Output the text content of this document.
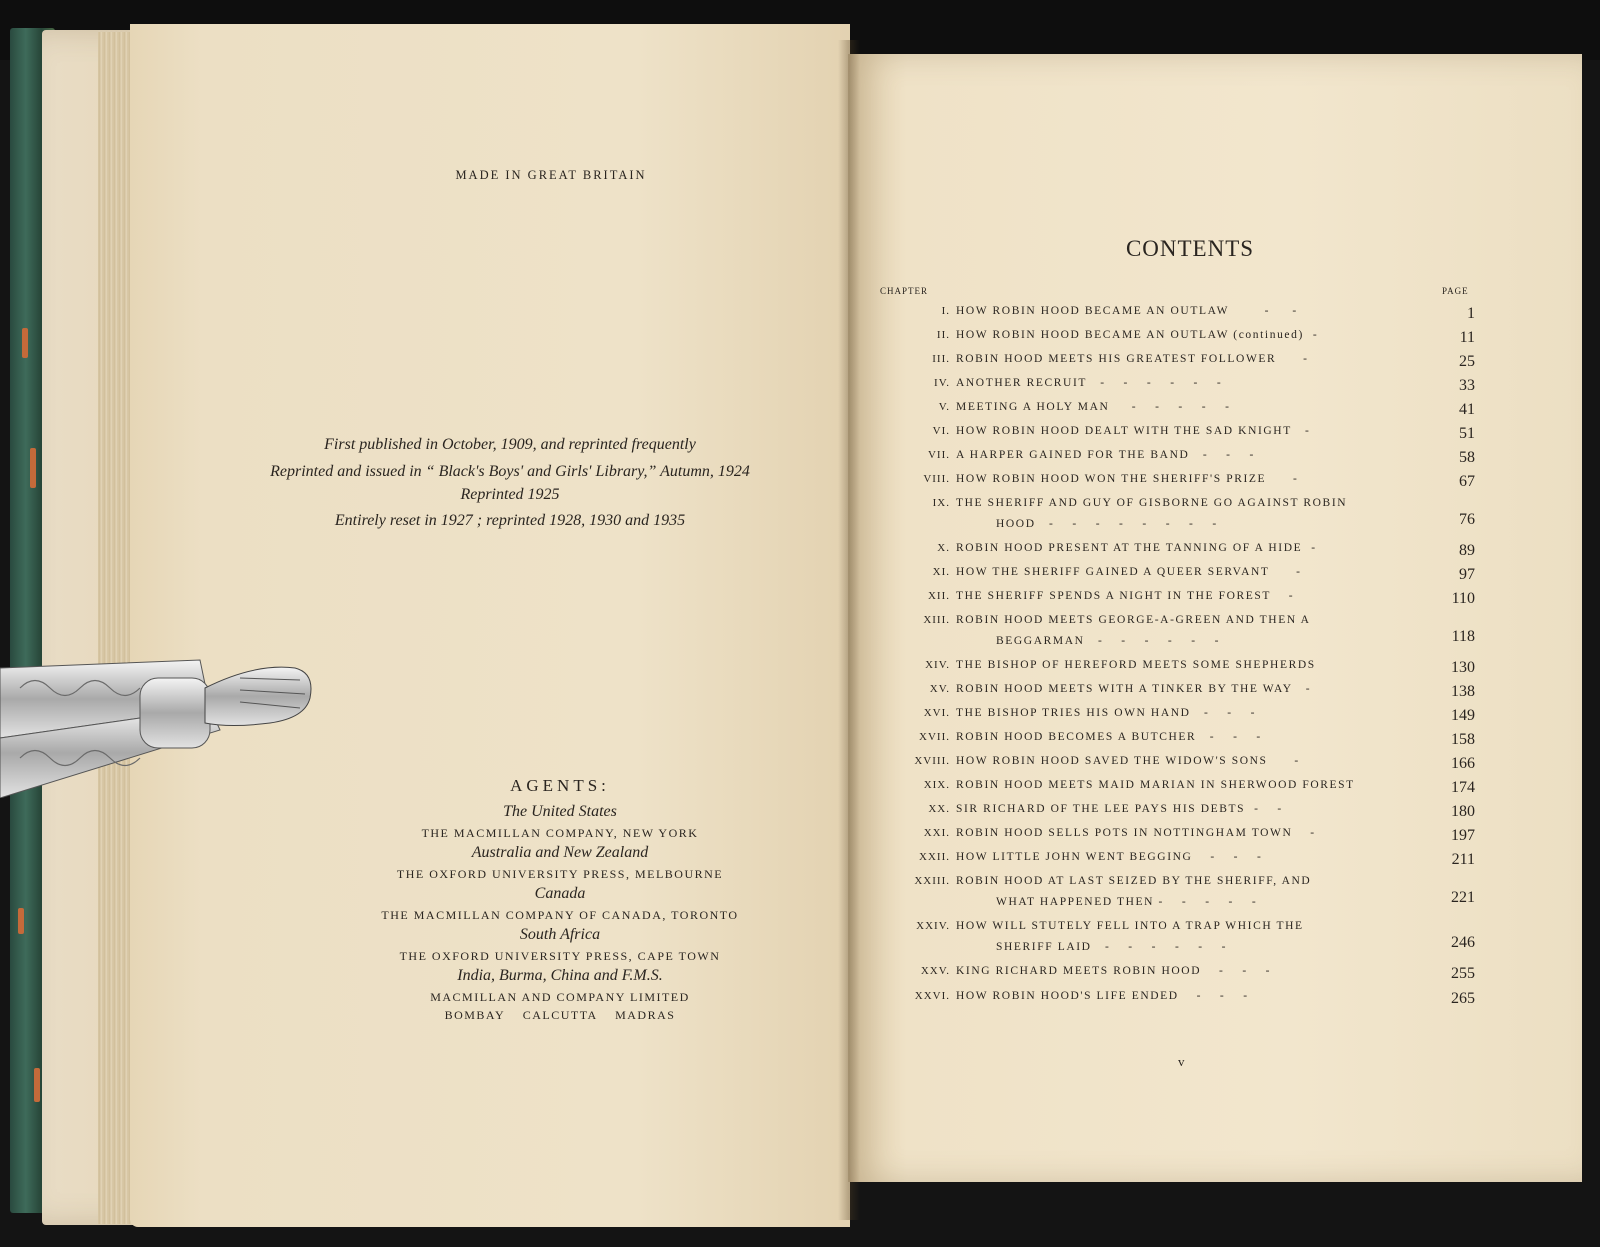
MADE IN GREAT BRITAIN
First published in October, 1909, and reprinted frequently
Reprinted and issued in “ Black's Boys' and Girls' Library,” Autumn, 1924
Reprinted 1925
Entirely reset in 1927 ; reprinted 1928, 1930 and 1935
AGENTS:
The United States
THE MACMILLAN COMPANY, NEW YORK
Australia and New Zealand
THE OXFORD UNIVERSITY PRESS, MELBOURNE
Canada
THE MACMILLAN COMPANY OF CANADA, TORONTO
South Africa
THE OXFORD UNIVERSITY PRESS, CAPE TOWN
India, Burma, China and F.M.S.
MACMILLAN AND COMPANY LIMITED
BOMBAY    CALCUTTA    MADRAS
CONTENTS
CHAPTER	PAGE
I. HOW ROBIN HOOD BECAME AN OUTLAW        -     -	1
II. HOW ROBIN HOOD BECAME AN OUTLAW (continued)  -	11
III. ROBIN HOOD MEETS HIS GREATEST FOLLOWER      -	25
IV. ANOTHER RECRUIT   -    -    -    -    -    -	33
V. MEETING A HOLY MAN     -    -    -    -    -	41
VI. HOW ROBIN HOOD DEALT WITH THE SAD KNIGHT   -	51
VII. A HARPER GAINED FOR THE BAND   -    -    -	58
VIII. HOW ROBIN HOOD WON THE SHERIFF'S PRIZE      -	67
IX. THE SHERIFF AND GUY OF GISBORNE GO AGAINST ROBIN
HOOD   -    -    -    -    -    -    -    -	76
X. ROBIN HOOD PRESENT AT THE TANNING OF A HIDE  -	89
XI. HOW THE SHERIFF GAINED A QUEER SERVANT      -	97
XII. THE SHERIFF SPENDS A NIGHT IN THE FOREST    -	110
XIII. ROBIN HOOD MEETS GEORGE-A-GREEN AND THEN A
BEGGARMAN   -    -    -    -    -    -	118
XIV. THE BISHOP OF HEREFORD MEETS SOME SHEPHERDS	130
XV. ROBIN HOOD MEETS WITH A TINKER BY THE WAY   -	138
XVI. THE BISHOP TRIES HIS OWN HAND   -    -    -	149
XVII. ROBIN HOOD BECOMES A BUTCHER   -    -    -	158
XVIII. HOW ROBIN HOOD SAVED THE WIDOW'S SONS      -	166
XIX. ROBIN HOOD MEETS MAID MARIAN IN SHERWOOD FOREST	174
XX. SIR RICHARD OF THE LEE PAYS HIS DEBTS  -    -	180
XXI. ROBIN HOOD SELLS POTS IN NOTTINGHAM TOWN    -	197
XXII. HOW LITTLE JOHN WENT BEGGING    -    -    -	211
XXIII. ROBIN HOOD AT LAST SEIZED BY THE SHERIFF, AND
WHAT HAPPENED THEN -    -    -    -    -	221
XXIV. HOW WILL STUTELY FELL INTO A TRAP WHICH THE
SHERIFF LAID   -    -    -    -    -    -	246
XXV. KING RICHARD MEETS ROBIN HOOD    -    -    -	255
XXVI. HOW ROBIN HOOD'S LIFE ENDED    -    -    -	265
v
